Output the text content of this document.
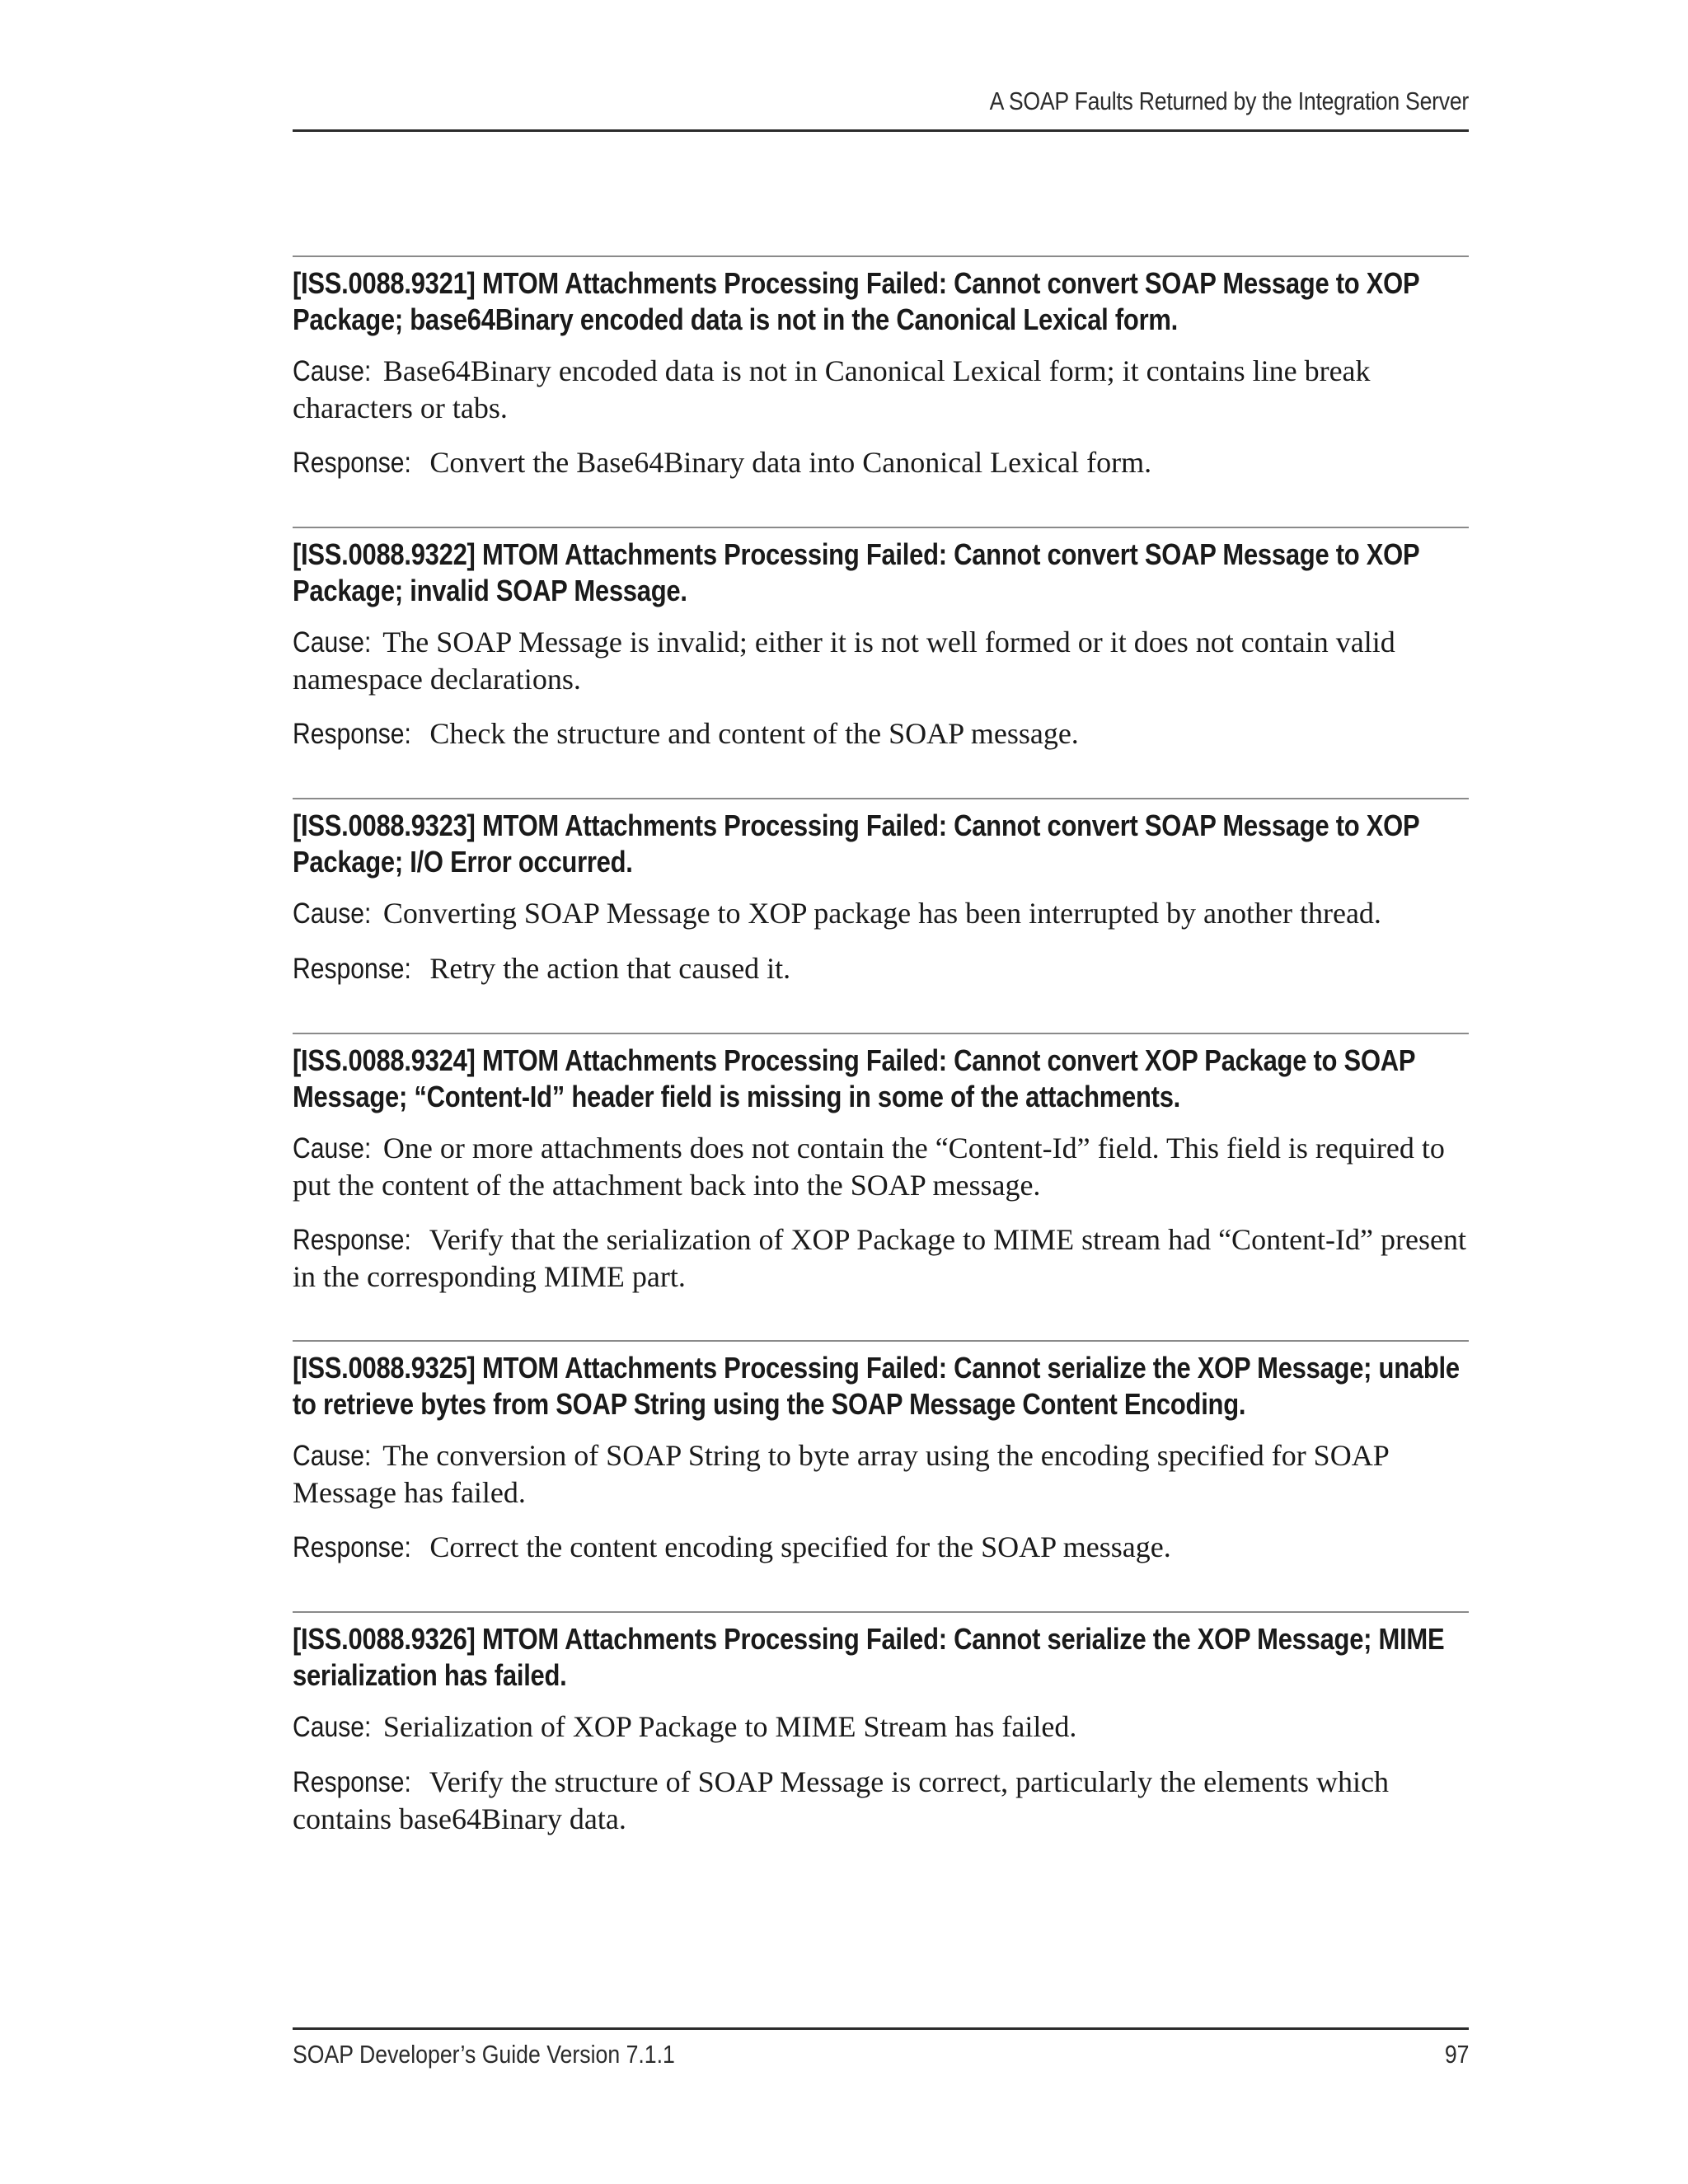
A SOAP Faults Returned by the Integration Server
[ISS.0088.9321] MTOM Attachments Processing Failed: Cannot convert SOAP Message to XOP Package; base64Binary encoded data is not in the Canonical Lexical form.

Cause: Base64Binary encoded data is not in Canonical Lexical form; it contains line break characters or tabs.

Response: Convert the Base64Binary data into Canonical Lexical form.

[ISS.0088.9322] MTOM Attachments Processing Failed: Cannot convert SOAP Message to XOP Package; invalid SOAP Message.

Cause: The SOAP Message is invalid; either it is not well formed or it does not contain valid namespace declarations.

Response: Check the structure and content of the SOAP message.

[ISS.0088.9323] MTOM Attachments Processing Failed: Cannot convert SOAP Message to XOP Package; I/O Error occurred.

Cause: Converting SOAP Message to XOP package has been interrupted by another thread.

Response: Retry the action that caused it.

[ISS.0088.9324] MTOM Attachments Processing Failed: Cannot convert XOP Package to SOAP Message; “Content-Id” header field is missing in some of the attachments.

Cause: One or more attachments does not contain the “Content-Id” field. This field is required to put the content of the attachment back into the SOAP message.

Response: Verify that the serialization of XOP Package to MIME stream had “Content-Id” present in the corresponding MIME part.

[ISS.0088.9325] MTOM Attachments Processing Failed: Cannot serialize the XOP Message; unable to retrieve bytes from SOAP String using the SOAP Message Content Encoding.

Cause: The conversion of SOAP String to byte array using the encoding specified for SOAP Message has failed.

Response: Correct the content encoding specified for the SOAP message.

[ISS.0088.9326] MTOM Attachments Processing Failed: Cannot serialize the XOP Message; MIME serialization has failed.

Cause: Serialization of XOP Package to MIME Stream has failed.

Response: Verify the structure of SOAP Message is correct, particularly the elements which contains base64Binary data.

SOAP Developer’s Guide Version 7.1.1	97
